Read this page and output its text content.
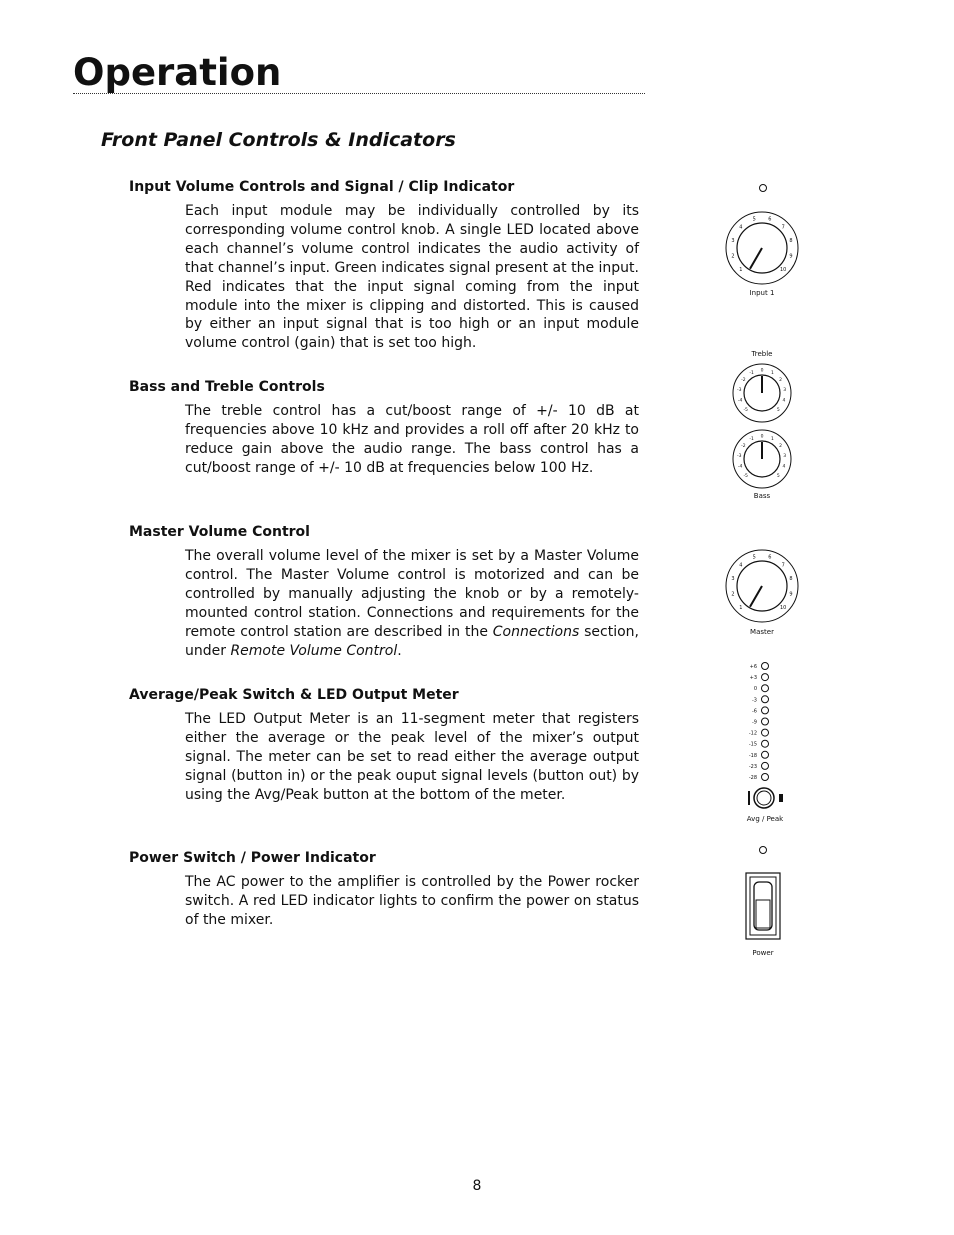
Operation
Front Panel Controls & Indicators
Input Volume Controls and Signal / Clip Indicator

Each input module may be individually controlled by its corresponding volume control knob. A single LED located above each channel’s volume control indicates the audio activity of that channel’s input. Green indicates signal present at the input. Red indicates that the input signal coming from the input module into the mixer is clipping and distorted. This is caused by either an input signal that is too high or an input module volume control (gain) that is set too high.

Bass and Treble Controls

The treble control has a cut/boost range of +/- 10 dB at frequencies above 10 kHz and provides a roll off after 20 kHz to reduce gain above the audio range. The bass control has a cut/boost range of +/- 10 dB at frequencies below 100 Hz.

Master Volume Control

The overall volume level of the mixer is set by a Master Volume control. The Master Volume control is motorized and can be controlled by manually adjusting the knob or by a remotely-mounted control station. Connections and requirements for the remote control station are described in the Connections section, under Remote Volume Control.

Average/Peak Switch & LED Output Meter

The LED Output Meter is an 11-segment meter that registers either the average or the peak level of the mixer’s output signal. The meter can be set to read either the average output signal (button in) or the peak ouput signal levels (button out) by using the Avg/Peak button at the bottom of the meter.

Power Switch / Power Indicator

The AC power to the amplifier is controlled by the Power rocker switch. A red LED indicator lights to confirm the power on status of the mixer.

1
2
3
4
5 6
7
8
9
10
Input 1
Treble
-5
-4
-3
-2
-1 0 1
2
3
4
5
-5
-4
-3
-2
-1 0 1
2
3
4
5
Bass
1
2
3
4
5 6
7
8
9
10
Master
+6
+3
0
-3
-6
-9
-12
-15
-18
-23
-28
Avg / Peak
Power
8
